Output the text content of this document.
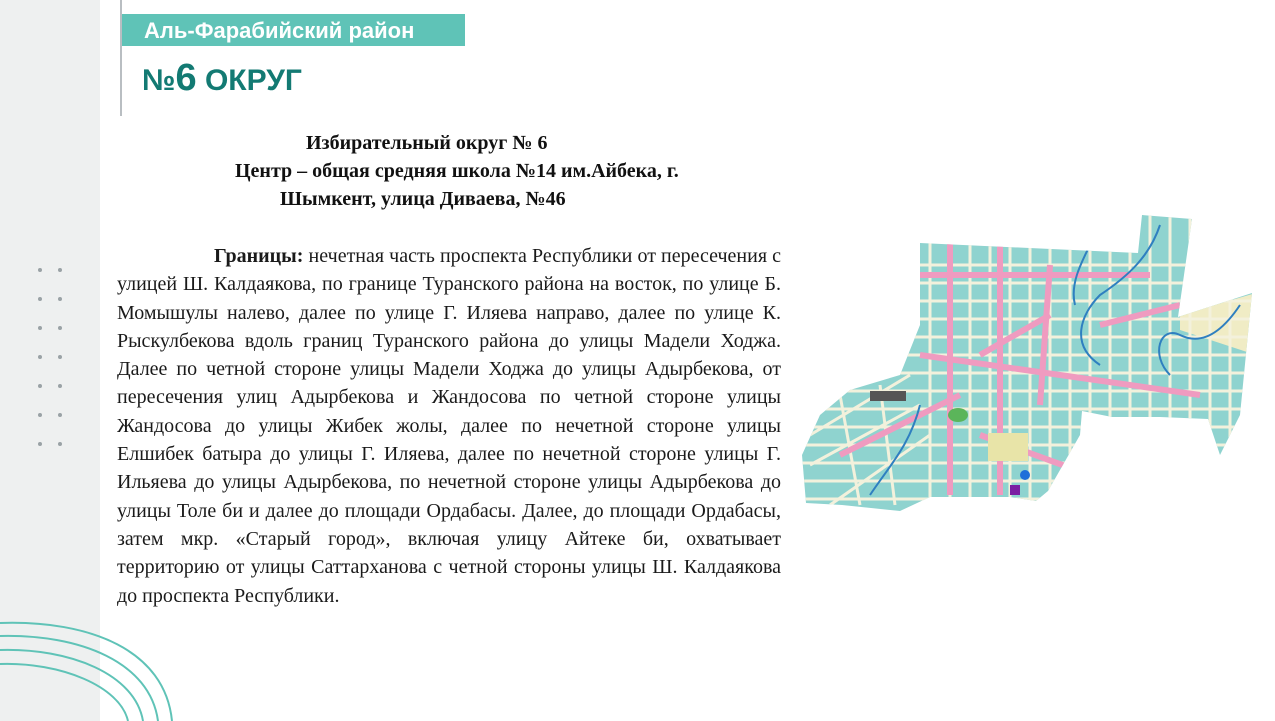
Аль-Фарабийский район
№6 ОКРУГ
Избирательный округ № 6
Центр – общая средняя школа №14 им.Айбека, г.
Шымкент, улица Диваева, №46
Границы: нечетная часть проспекта Республики от пересечения с улицей Ш. Калдаякова, по границе Туранского района на восток, по улице Б. Момышулы налево, далее по улице Г. Иляева направо, далее по улице К. Рыскулбекова вдоль границ Туранского района до улицы Мадели Ходжа. Далее по четной стороне улицы Мадели Ходжа до улицы Адырбекова, от пересечения улиц Адырбекова и Жандосова по четной стороне улицы Жандосова до улицы Жибек жолы, далее по нечетной стороне улицы Елшибек батыра до улицы Г. Иляева, далее по нечетной стороне улицы Г. Ильяева до улицы Адырбекова, по нечетной стороне улицы Адырбекова до улицы Толе би и далее до площади Ордабасы. Далее, до площади Ордабасы, затем мкр. «Старый город», включая улицу Айтеке би, охватывает территорию от улицы Саттарханова с четной стороны улицы Ш. Калдаякова до проспекта Республики.
